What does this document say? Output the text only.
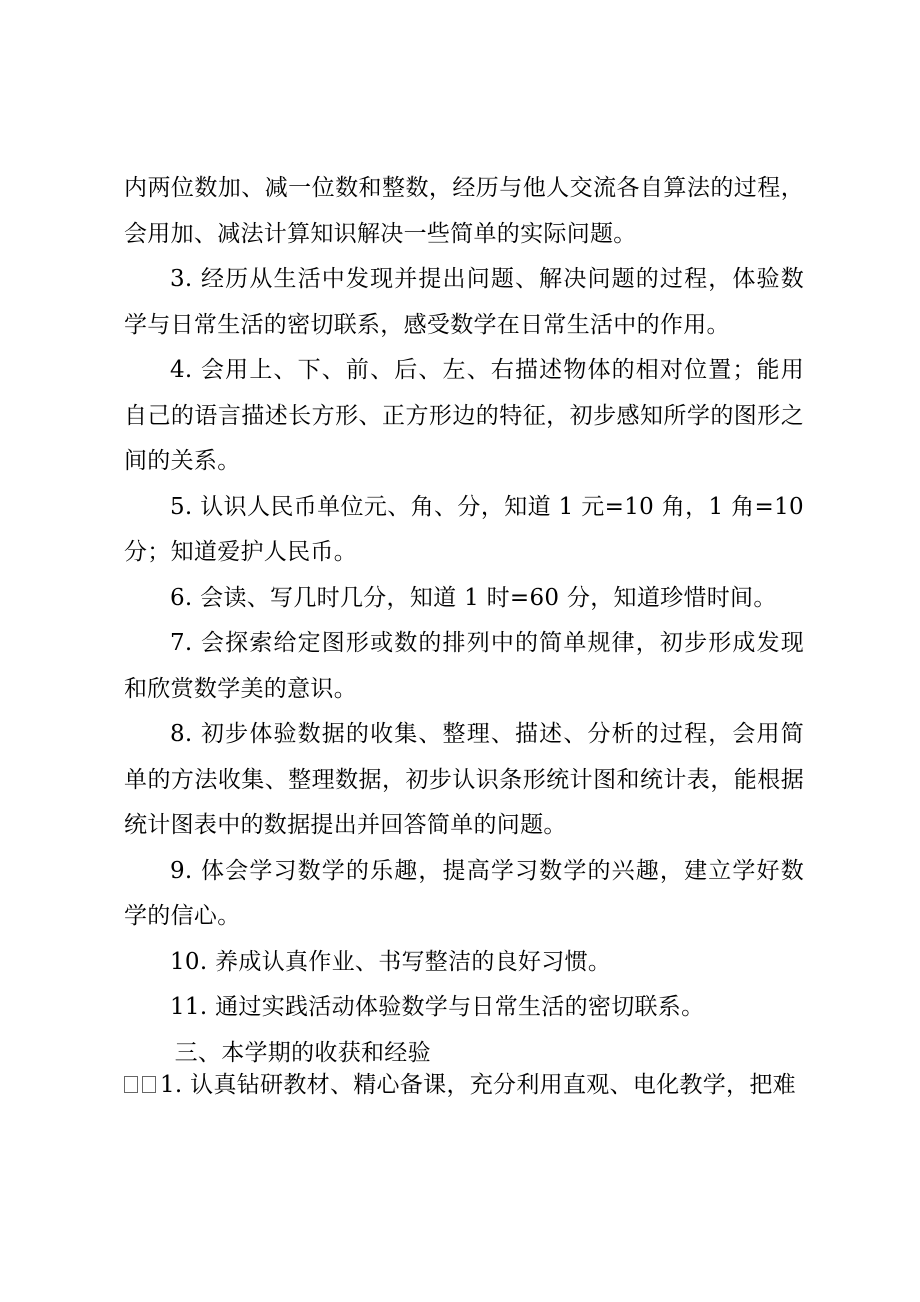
内两位数加、减一位数和整数，经历与他人交流各自算法的过程，会用加、减法计算知识解决一些简单的实际问题。

3. 经历从生活中发现并提出问题、解决问题的过程，体验数学与日常生活的密切联系，感受数学在日常生活中的作用。

4. 会用上、下、前、后、左、右描述物体的相对位置；能用自己的语言描述长方形、正方形边的特征，初步感知所学的图形之间的关系。

5. 认识人民币单位元、角、分，知道 1 元=10 角，1 角=10 分；知道爱护人民币。

6. 会读、写几时几分，知道 1 时=60 分，知道珍惜时间。

7. 会探索给定图形或数的排列中的简单规律，初步形成发现和欣赏数学美的意识。

8. 初步体验数据的收集、整理、描述、分析的过程，会用简单的方法收集、整理数据，初步认识条形统计图和统计表，能根据统计图表中的数据提出并回答简单的问题。

9. 体会学习数学的乐趣，提高学习数学的兴趣，建立学好数学的信心。

10. 养成认真作业、书写整洁的良好习惯。

11. 通过实践活动体验数学与日常生活的密切联系。

三、本学期的收获和经验

1. 认真钻研教材、精心备课，充分利用直观、电化教学，把难
